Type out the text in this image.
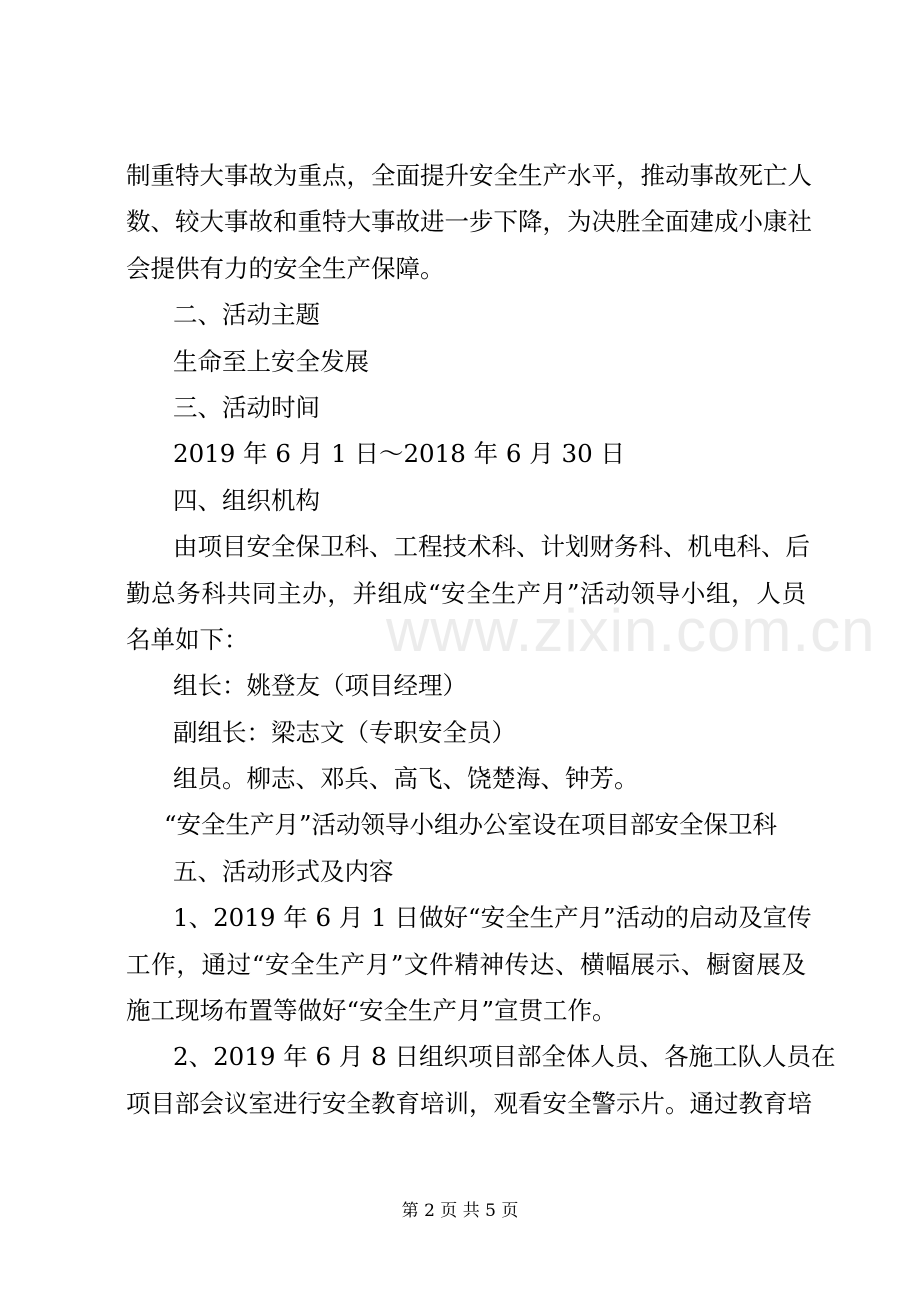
制重特大事故为重点，全面提升安全生产水平，推动事故死亡人
数、较大事故和重特大事故进一步下降，为决胜全面建成小康社
会提供有力的安全生产保障。
二、活动主题
生命至上安全发展
三、活动时间
2019 年 6 月 1 日～2018 年 6 月 30 日
四、组织机构
由项目安全保卫科、工程技术科、计划财务科、机电科、后
勤总务科共同主办，并组成“安全生产月”活动领导小组，人员
名单如下：
组长：姚登友（项目经理）
副组长：梁志文（专职安全员）
组员。柳志、邓兵、高飞、饶楚海、钟芳。
“安全生产月”活动领导小组办公室设在项目部安全保卫科
五、活动形式及内容
1、2019 年 6 月 1 日做好“安全生产月”活动的启动及宣传
工作，通过“安全生产月”文件精神传达、横幅展示、橱窗展及
施工现场布置等做好“安全生产月”宣贯工作。
2、2019 年 6 月 8 日组织项目部全体人员、各施工队人员在
项目部会议室进行安全教育培训，观看安全警示片。通过教育培
www.zixin.com.cn
第 2 页 共 5 页
